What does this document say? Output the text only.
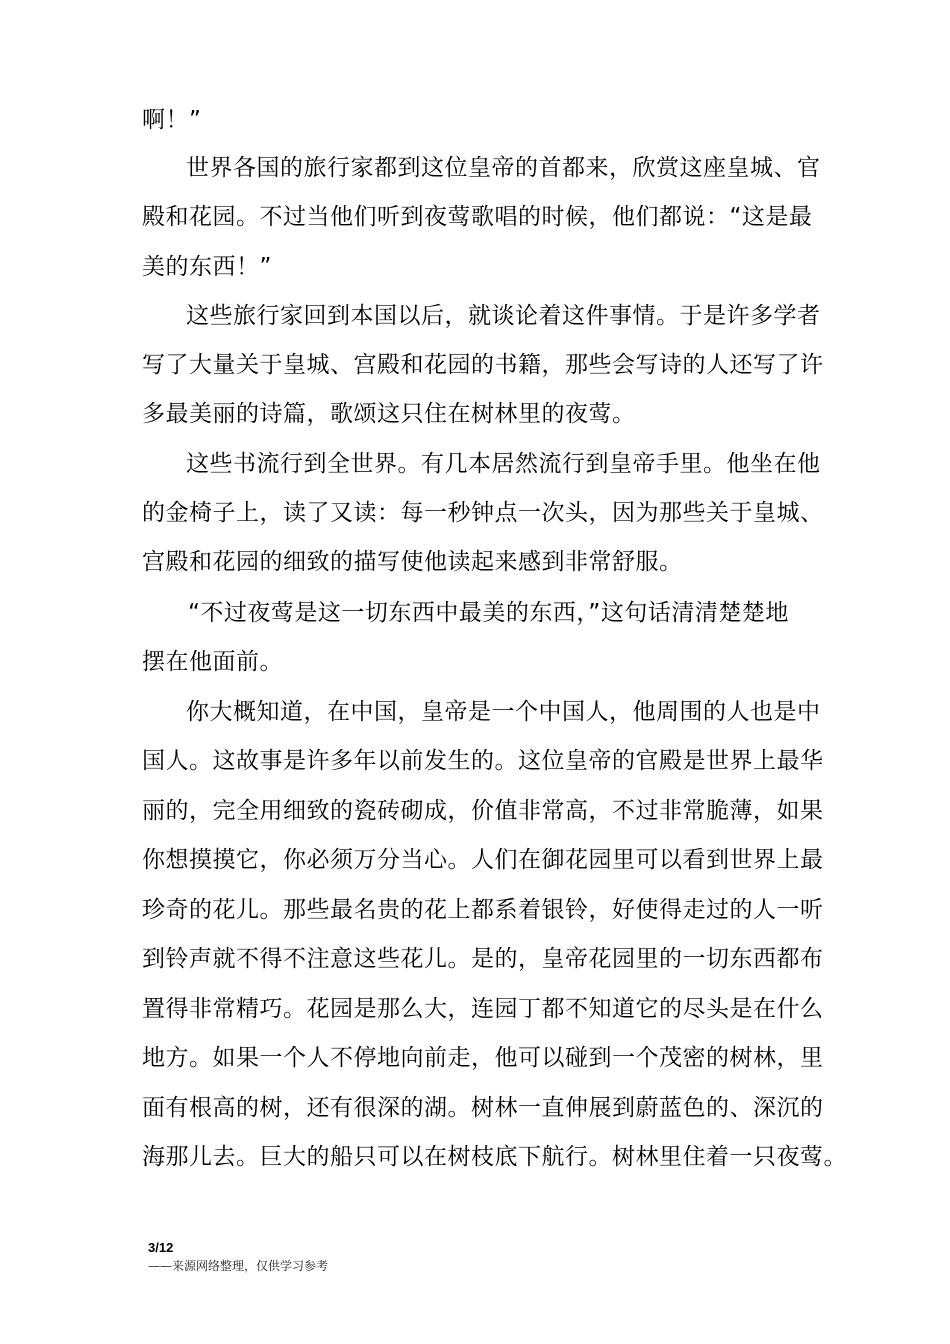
啊！”
世界各国的旅行家都到这位皇帝的首都来，欣赏这座皇城、官
殿和花园。不过当他们听到夜莺歌唱的时候，他们都说：“这是最
美的东西！”
这些旅行家回到本国以后，就谈论着这件事情。于是许多学者
写了大量关于皇城、宫殿和花园的书籍，那些会写诗的人还写了许
多最美丽的诗篇，歌颂这只住在树林里的夜莺。
这些书流行到全世界。有几本居然流行到皇帝手里。他坐在他
的金椅子上，读了又读：每一秒钟点一次头，因为那些关于皇城、
宫殿和花园的细致的描写使他读起来感到非常舒服。
“不过夜莺是这一切东西中最美的东西，”这句话清清楚楚地
摆在他面前。
你大概知道，在中国，皇帝是一个中国人，他周围的人也是中
国人。这故事是许多年以前发生的。这位皇帝的官殿是世界上最华
丽的，完全用细致的瓷砖砌成，价值非常高，不过非常脆薄，如果
你想摸摸它，你必须万分当心。人们在御花园里可以看到世界上最
珍奇的花儿。那些最名贵的花上都系着银铃，好使得走过的人一听
到铃声就不得不注意这些花儿。是的，皇帝花园里的一切东西都布
置得非常精巧。花园是那么大，连园丁都不知道它的尽头是在什么
地方。如果一个人不停地向前走，他可以碰到一个茂密的树林，里
面有根高的树，还有很深的湖。树林一直伸展到蔚蓝色的、深沉的
海那儿去。巨大的船只可以在树枝底下航行。树林里住着一只夜莺。
3/12
——来源网络整理，仅供学习参考
